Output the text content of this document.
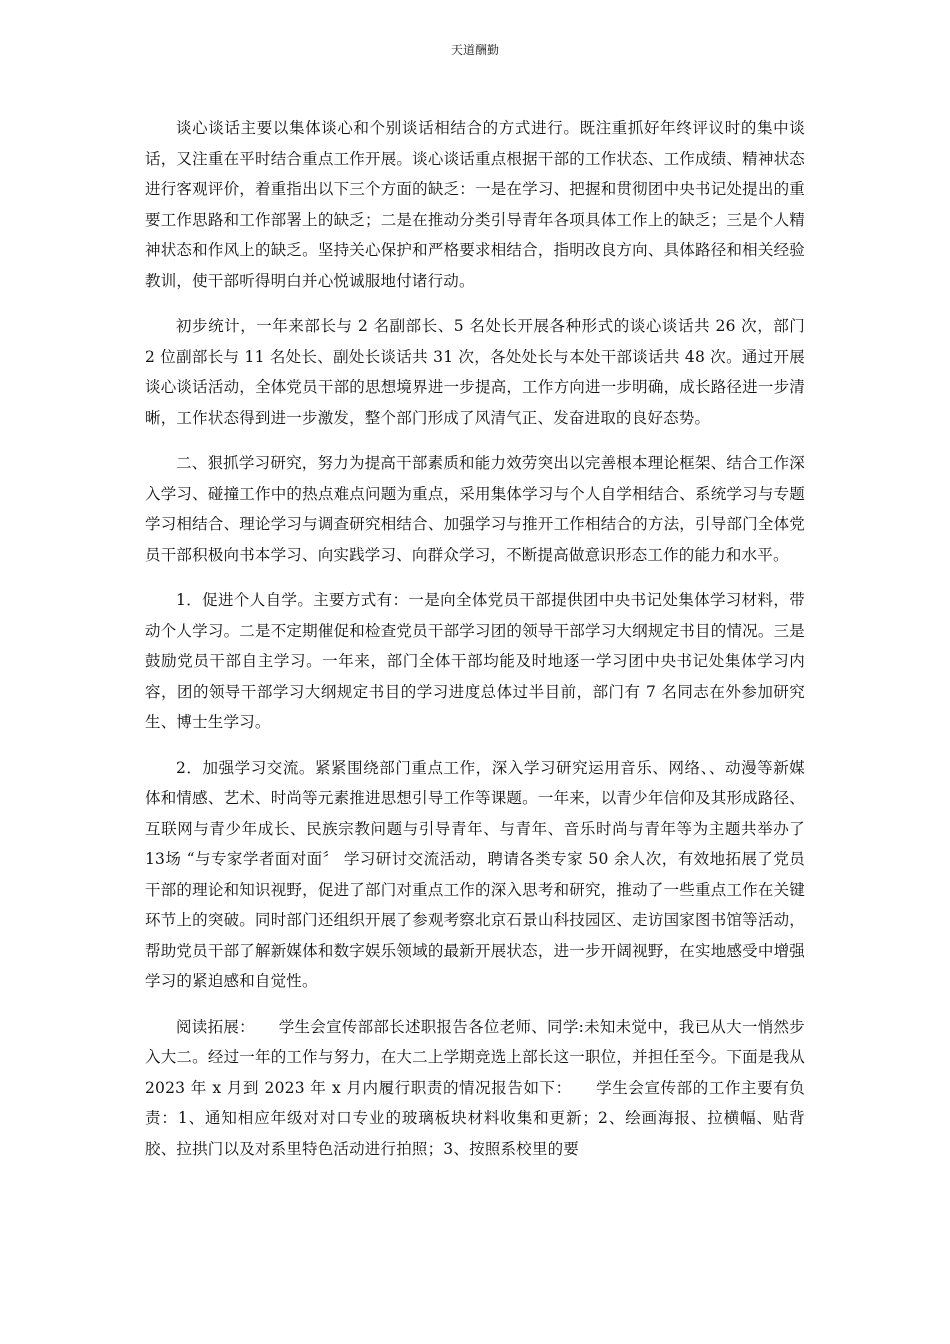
天道酬勤

谈心谈话主要以集体谈心和个别谈话相结合的方式进行。既注重抓好年终评议时的集中谈话，又注重在平时结合重点工作开展。谈心谈话重点根据干部的工作状态、工作成绩、精神状态进行客观评价，着重指出以下三个方面的缺乏：一是在学习、把握和贯彻团中央书记处提出的重要工作思路和工作部署上的缺乏；二是在推动分类引导青年各项具体工作上的缺乏；三是个人精神状态和作风上的缺乏。坚持关心保护和严格要求相结合，指明改良方向、具体路径和相关经验教训，使干部听得明白并心悦诚服地付诸行动。

初步统计，一年来部长与 2 名副部长、5 名处长开展各种形式的谈心谈话共 26 次，部门 2 位副部长与 11 名处长、副处长谈话共 31 次，各处处长与本处干部谈话共 48 次。通过开展谈心谈话活动，全体党员干部的思想境界进一步提高，工作方向进一步明确，成长路径进一步清晰，工作状态得到进一步激发，整个部门形成了风清气正、发奋进取的良好态势。

二、狠抓学习研究，努力为提高干部素质和能力效劳突出以完善根本理论框架、结合工作深入学习、碰撞工作中的热点难点问题为重点，采用集体学习与个人自学相结合、系统学习与专题学习相结合、理论学习与调查研究相结合、加强学习与推开工作相结合的方法，引导部门全体党员干部积极向书本学习、向实践学习、向群众学习，不断提高做意识形态工作的能力和水平。

1．促进个人自学。主要方式有：一是向全体党员干部提供团中央书记处集体学习材料，带动个人学习。二是不定期催促和检查党员干部学习团的领导干部学习大纲规定书目的情况。三是鼓励党员干部自主学习。一年来，部门全体干部均能及时地逐一学习团中央书记处集体学习内容，团的领导干部学习大纲规定书目的学习进度总体过半目前，部门有 7 名同志在外参加研究生、博士生学习。

2．加强学习交流。紧紧围绕部门重点工作，深入学习研究运用音乐、网络、、动漫等新媒体和情感、艺术、时尚等元素推进思想引导工作等课题。一年来，以青少年信仰及其形成路径、互联网与青少年成长、民族宗教问题与引导青年、与青年、音乐时尚与青年等为主题共举办了 13场 “与专家学者面对面〞 学习研讨交流活动，聘请各类专家 50 余人次，有效地拓展了党员干部的理论和知识视野，促进了部门对重点工作的深入思考和研究，推动了一些重点工作在关键环节上的突破。同时部门还组织开展了参观考察北京石景山科技园区、走访国家图书馆等活动，帮助党员干部了解新媒体和数字娱乐领域的最新开展状态，进一步开阔视野，在实地感受中增强学习的紧迫感和自觉性。

阅读拓展：　　学生会宣传部部长述职报告各位老师、同学:未知未觉中，我已从大一悄然步入大二。经过一年的工作与努力，在大二上学期竞选上部长这一职位，并担任至今。下面是我从 2023 年 x 月到 2023 年 x 月内履行职责的情况报告如下：　　学生会宣传部的工作主要有负责：1、通知相应年级对对口专业的玻璃板块材料收集和更新；2、绘画海报、拉横幅、贴背胶、拉拱门以及对系里特色活动进行拍照；3、按照系校里的要
